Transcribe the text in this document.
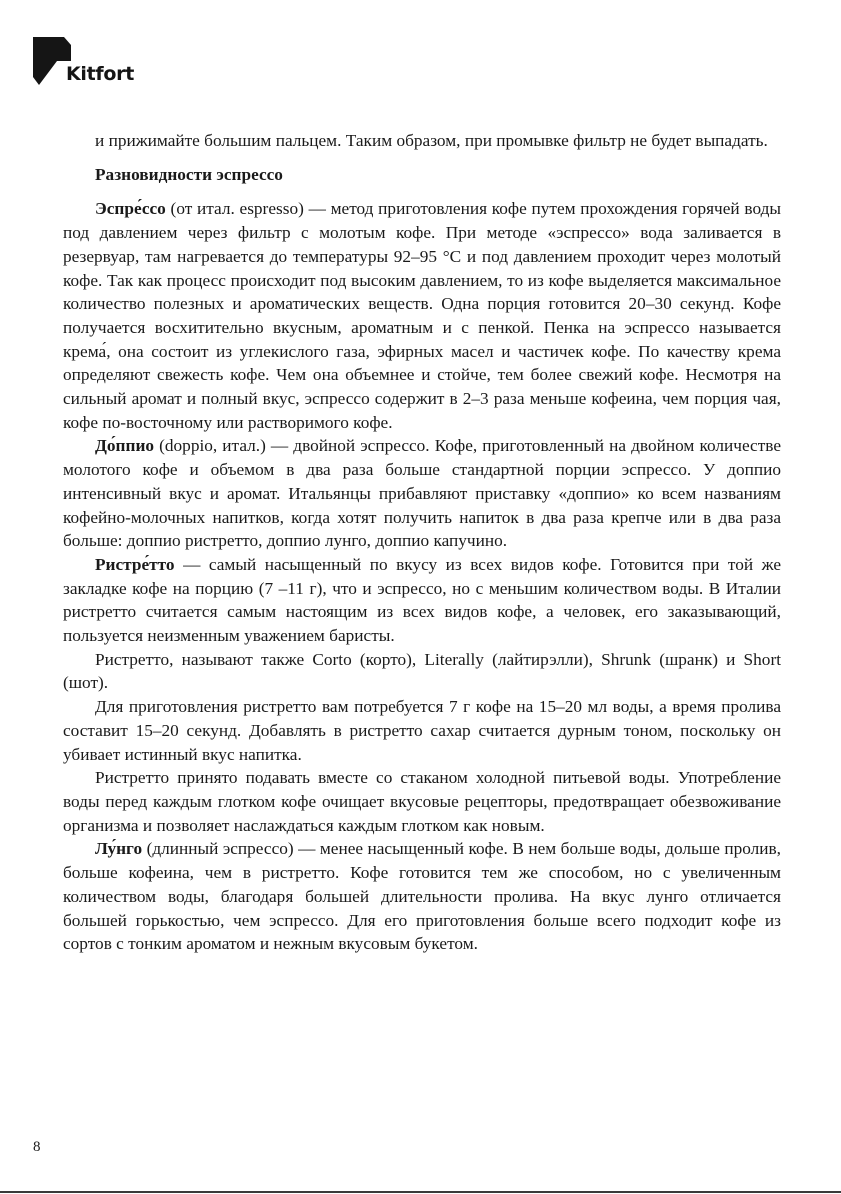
Kitfort

и прижимайте большим пальцем. Таким образом, при промывке фильтр не будет выпадать.

Разновидности эспрессо

Эспре́ссо (от итал. espresso) — метод приготовления кофе путем прохождения горячей воды под давлением через фильтр с молотым кофе. При методе «эспрессо» вода заливается в резервуар, там нагревается до температуры 92–95 °C и под давлением проходит через молотый кофе. Так как процесс происходит под высоким давлением, то из кофе выделяется максимальное количество полезных и ароматических веществ. Одна порция готовится 20–30 секунд. Кофе получается восхитительно вкусным, ароматным и с пенкой. Пенка на эспрессо называется крема́, она состоит из углекислого газа, эфирных масел и частичек кофе. По качеству крема определяют свежесть кофе. Чем она объемнее и стойче, тем более свежий кофе. Несмотря на сильный аромат и полный вкус, эспрессо содержит в 2–3 раза меньше кофеина, чем порция чая, кофе по-восточному или растворимого кофе.

До́ппио (doppio, итал.) — двойной эспрессо. Кофе, приготовленный на двойном количестве молотого кофе и объемом в два раза больше стандартной порции эспрессо. У доппио интенсивный вкус и аромат. Итальянцы прибавляют приставку «доппио» ко всем названиям кофейно-молочных напитков, когда хотят получить напиток в два раза крепче или в два раза больше: доппио ристретто, доппио лунго, доппио капучино.

Ристре́тто — самый насыщенный по вкусу из всех видов кофе. Готовится при той же закладке кофе на порцию (7 –11 г), что и эспрессо, но с меньшим количеством воды. В Италии ристретто считается самым настоящим из всех видов кофе, а человек, его заказывающий, пользуется неизменным уважением баристы.

Ристретто, называют также Corto (корто), Literally (лайтирэлли), Shrunk (шранк) и Short (шот).

Для приготовления ристретто вам потребуется 7 г кофе на 15–20 мл воды, а время пролива составит 15–20 секунд. Добавлять в ристретто сахар считается дурным тоном, поскольку он убивает истинный вкус напитка.

Ристретто принято подавать вместе со стаканом холодной питьевой воды. Употребление воды перед каждым глотком кофе очищает вкусовые рецепторы, предотвращает обезвоживание организма и позволяет наслаждаться каждым глотком как новым.

Лу́нго (длинный эспрессо) — менее насыщенный кофе. В нем больше воды, дольше пролив, больше кофеина, чем в ристретто. Кофе готовится тем же способом, но с увеличенным количеством воды, благодаря большей длительности пролива. На вкус лунго отличается большей горькостью, чем эспрессо. Для его приготовления больше всего подходит кофе из сортов с тонким ароматом и нежным вкусовым букетом.

8
